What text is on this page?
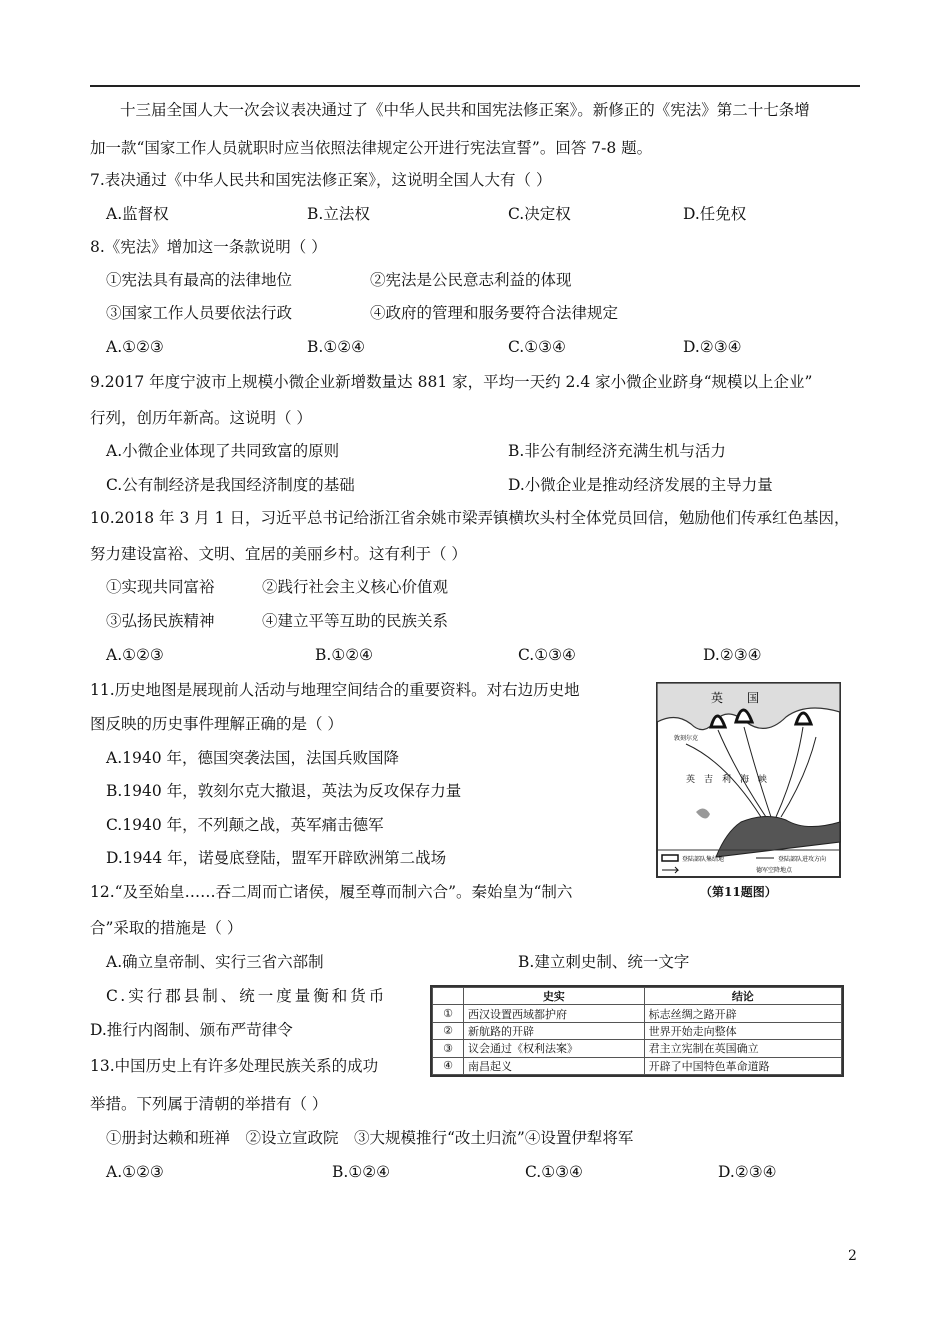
十三届全国人大一次会议表决通过了《中华人民共和国宪法修正案》。新修正的《宪法》第二十七条增
加一款“国家工作人员就职时应当依照法律规定公开进行宪法宣誓”。回答 7-8 题。
7.表决通过《中华人民共和国宪法修正案》，这说明全国人大有（ ）
A.监督权	B.立法权	C.决定权	D.任免权
8.《宪法》增加这一条款说明（ ）
①宪法具有最高的法律地位	②宪法是公民意志利益的体现
③国家工作人员要依法行政	④政府的管理和服务要符合法律规定
A.①②③	B.①②④	C.①③④	D.②③④
9.2017 年度宁波市上规模小微企业新增数量达 881 家，平均一天约 2.4 家小微企业跻身“规模以上企业”
行列，创历年新高。这说明（ ）
A.小微企业体现了共同致富的原则	B.非公有制经济充满生机与活力
C.公有制经济是我国经济制度的基础	D.小微企业是推动经济发展的主导力量
10.2018 年 3 月 1 日，习近平总书记给浙江省余姚市梁弄镇横坎头村全体党员回信，勉励他们传承红色基因，
努力建设富裕、文明、宜居的美丽乡村。这有利于（ ）
①实现共同富裕	②践行社会主义核心价值观
③弘扬民族精神	④建立平等互助的民族关系
A.①②③	B.①②④	C.①③④	D.②③④
11.历史地图是展现前人活动与地理空间结合的重要资料。对右边历史地
图反映的历史事件理解正确的是（ ）
A.1940 年，德国突袭法国，法国兵败国降
B.1940 年，敦刻尔克大撤退，英法为反攻保存力量
C.1940 年，不列颠之战，英军痛击德军
D.1944 年，诺曼底登陆，盟军开辟欧洲第二战场
英　　国
敦刻尔克
英　吉　利　海　峡
登陆部队集结地	登陆部队进攻方向
德军空降地点
（第11题图）
12.“及至始皇……吞二周而亡诸侯，履至尊而制六合”。秦始皇为“制六
合”采取的措施是（ ）
A.确立皇帝制、实行三省六部制	B.建立刺史制、统一文字
C.实行郡县制、统一度量衡和货币
D.推行内阁制、颁布严苛律令
	史实	结论
①	西汉设置西域都护府	标志丝绸之路开辟
②	新航路的开辟	世界开始走向整体
③	议会通过《权利法案》	君主立宪制在英国确立
④	南昌起义	开辟了中国特色革命道路
13.中国历史上有许多处理民族关系的成功
举措。下列属于清朝的举措有（ ）
①册封达赖和班禅　②设立宣政院　③大规模推行“改土归流”④设置伊犁将军
A.①②③	B.①②④	C.①③④	D.②③④
2
